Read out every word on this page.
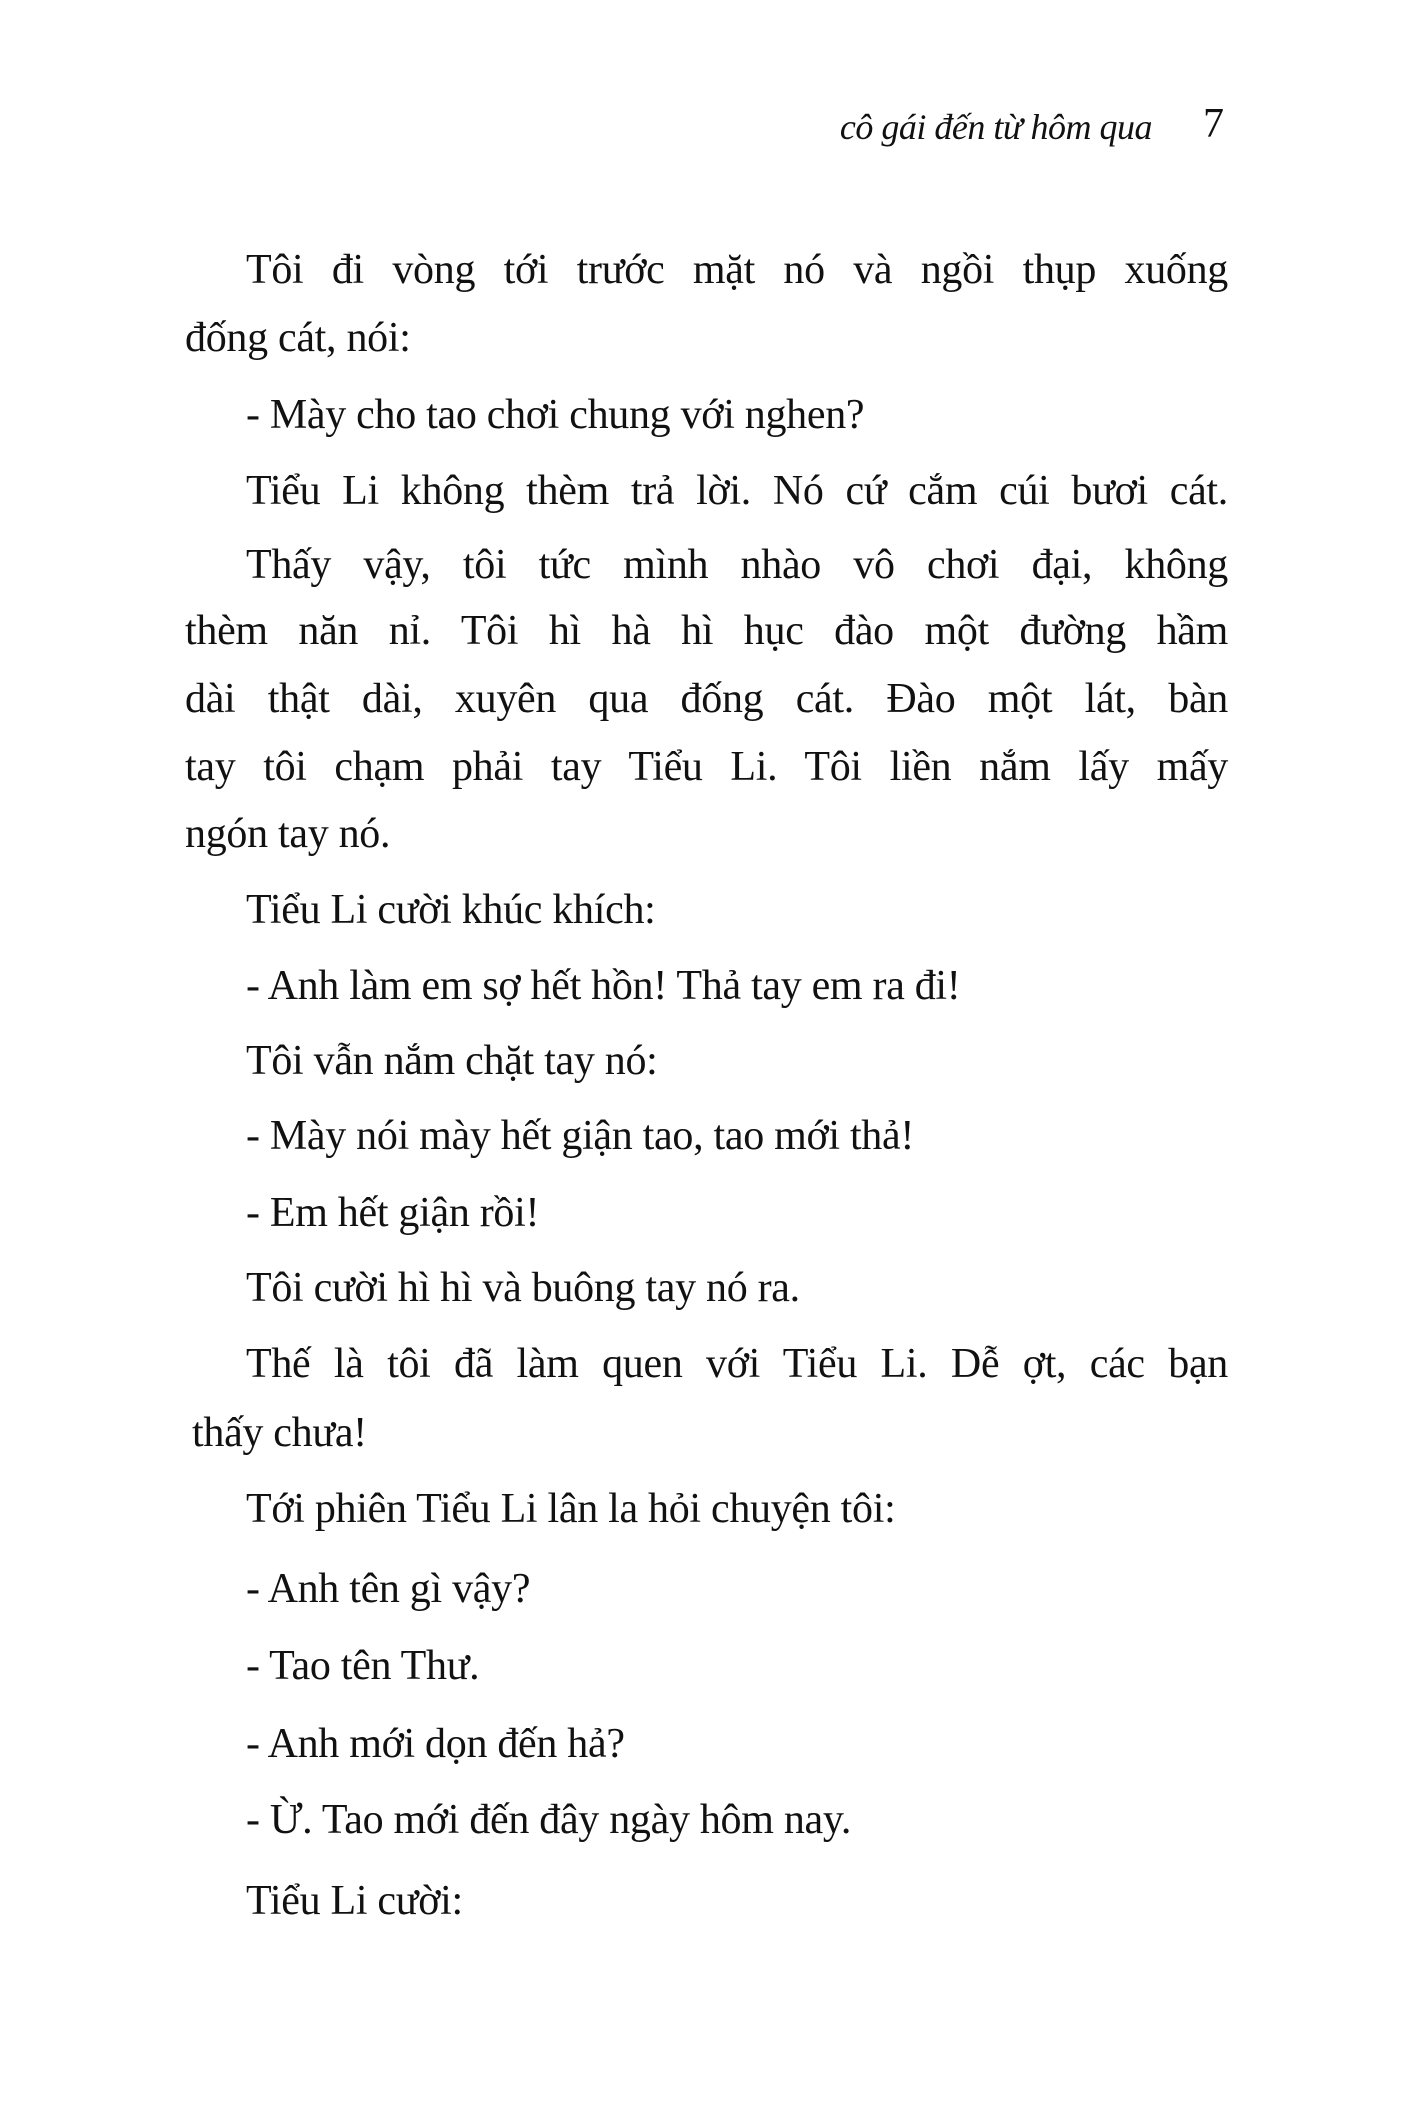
cô gái đến từ hôm qua 7
Tôi đi vòng tới trước mặt nó và ngồi thụp xuống
đống cát, nói:
- Mày cho tao chơi chung với nghen?
Tiểu Li không thèm trả lời. Nó cứ cắm cúi bươi cát.
Thấy vậy, tôi tức mình nhào vô chơi đại, không
thèm năn nỉ. Tôi hì hà hì hục đào một đường hầm
dài thật dài, xuyên qua đống cát. Đào một lát, bàn
tay tôi chạm phải tay Tiểu Li. Tôi liền nắm lấy mấy
ngón tay nó.
Tiểu Li cười khúc khích:
- Anh làm em sợ hết hồn! Thả tay em ra đi!
Tôi vẫn nắm chặt tay nó:
- Mày nói mày hết giận tao, tao mới thả!
- Em hết giận rồi!
Tôi cười hì hì và buông tay nó ra.
Thế là tôi đã làm quen với Tiểu Li. Dễ ợt, các bạn
thấy chưa!
Tới phiên Tiểu Li lân la hỏi chuyện tôi:
- Anh tên gì vậy?
- Tao tên Thư.
- Anh mới dọn đến hả?
- Ừ. Tao mới đến đây ngày hôm nay.
Tiểu Li cười:
